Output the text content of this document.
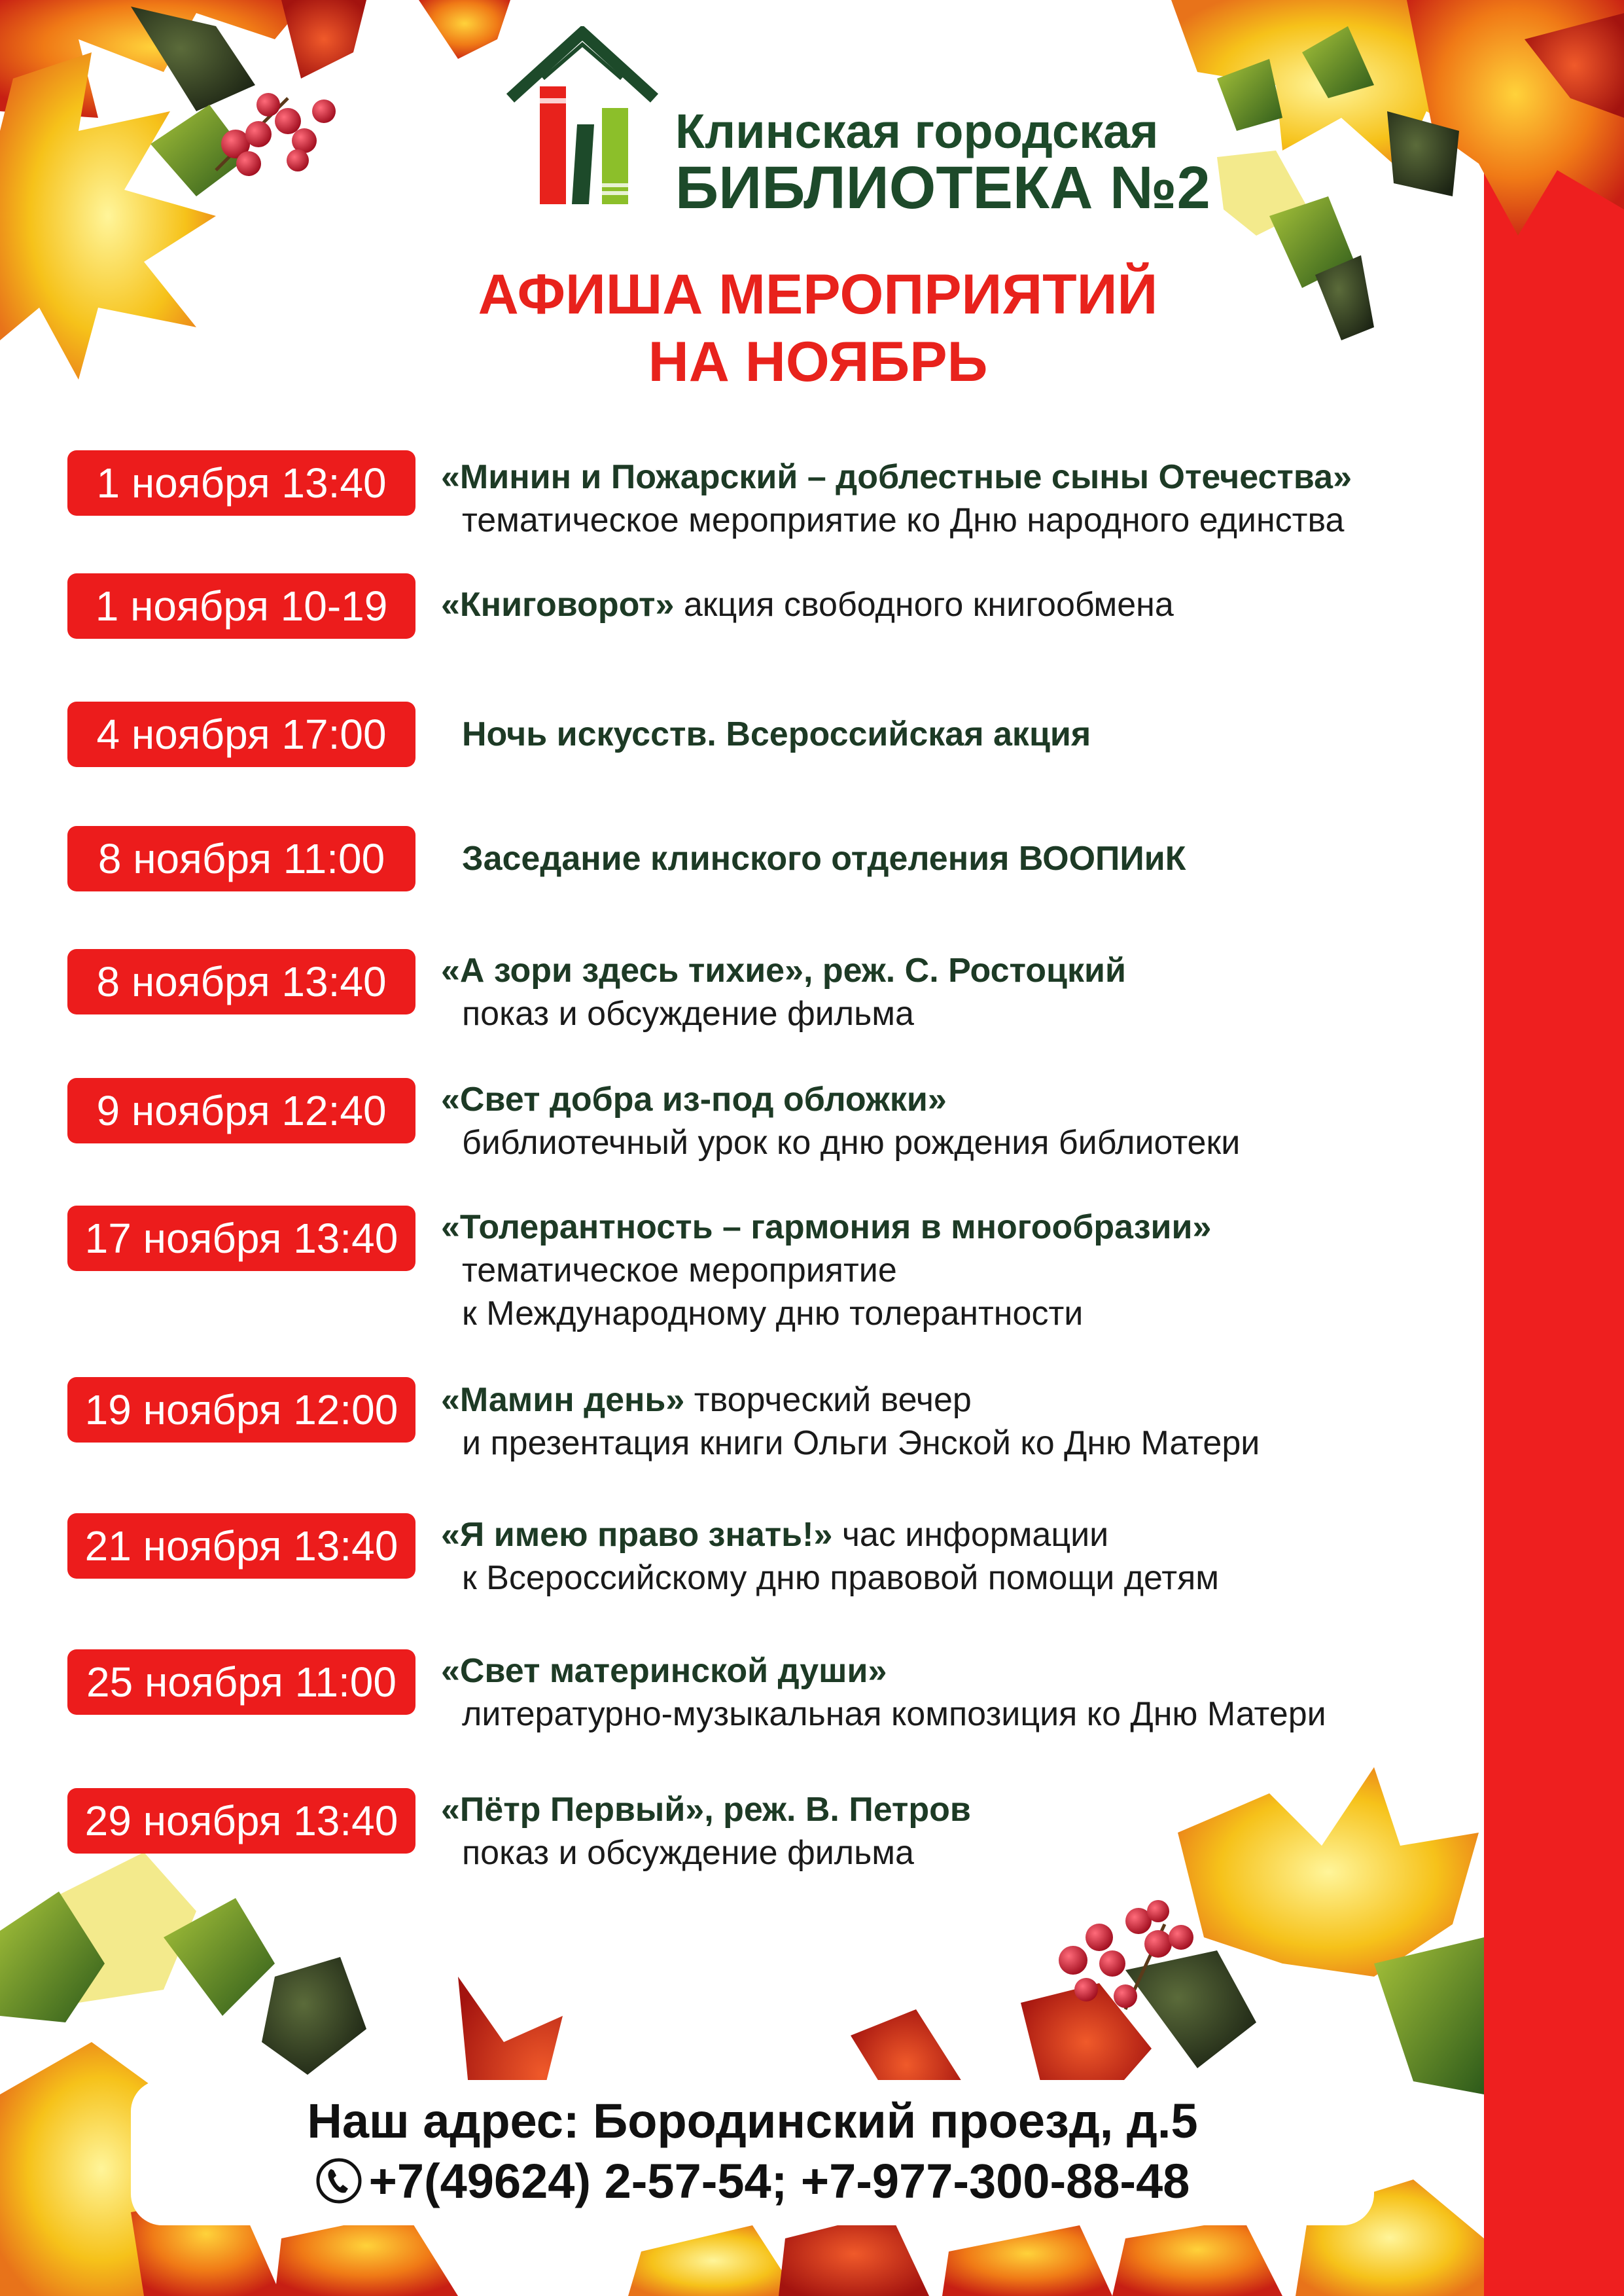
Клинская городская
БИБЛИОТЕКА №2
АФИША МЕРОПРИЯТИЙ
НА НОЯБРЬ
1 ноября 13:40	«Минин и Пожарский – доблестные сыны Отечества»
тематическое мероприятие ко Дню народного единства
1 ноября 10-19	«Книговорот» акция свободного книгообмена
4 ноября 17:00	Ночь искусств. Всероссийская акция
8 ноября 11:00	Заседание клинского отделения ВООПИиК
8 ноября 13:40	«А зори здесь тихие», реж. С. Ростоцкий
показ и обсуждение фильма
9 ноября 12:40	«Свет добра из-под обложки»
библиотечный урок ко дню рождения библиотеки
17 ноября 13:40	«Толерантность – гармония в многообразии»
тематическое мероприятие
к Международному дню толерантности
19 ноября 12:00	«Мамин день» творческий вечер
и презентация книги Ольги Энской ко Дню Матери
21 ноября 13:40	«Я имею право знать!» час информации
к Всероссийскому дню правовой помощи детям
25 ноября 11:00	«Свет материнской души»
литературно-музыкальная композиция ко Дню Матери
29 ноября 13:40	«Пётр Первый», реж. В. Петров
показ и обсуждение фильма
Наш адрес: Бородинский проезд, д.5
+7(49624) 2-57-54; +7-977-300-88-48
